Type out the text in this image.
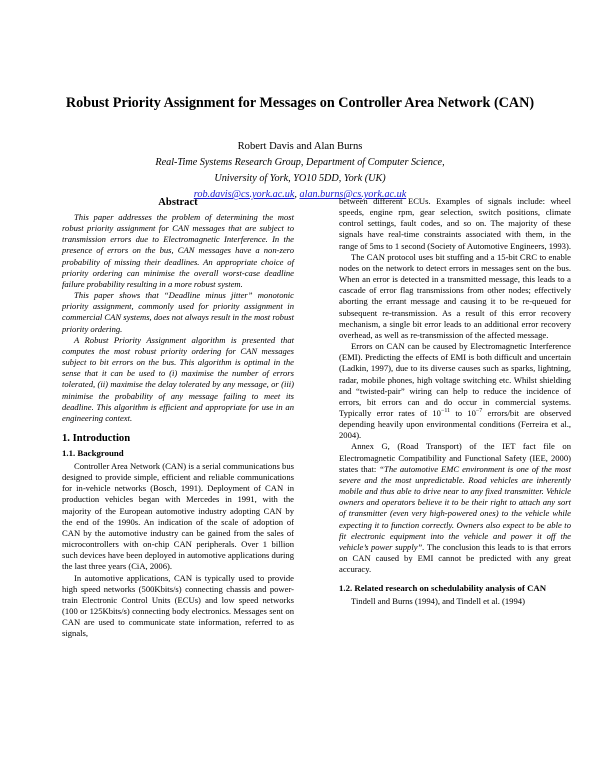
Robust Priority Assignment for Messages on Controller Area Network (CAN)
Robert Davis and Alan Burns
Real-Time Systems Research Group, Department of Computer Science,
University of York, YO10 5DD, York (UK)
rob.davis@cs.york.ac.uk, alan.burns@cs.york.ac.uk
Abstract

This paper addresses the problem of determining the most robust priority assignment for CAN messages that are subject to transmission errors due to Electromagnetic Interference. In the presence of errors on the bus, CAN messages have a non-zero probability of missing their deadlines. An appropriate choice of priority ordering can minimise the overall worst-case deadline failure probability resulting in a more robust system.

This paper shows that “Deadline minus jitter” monotonic priority assignment, commonly used for priority assignment in commercial CAN systems, does not always result in the most robust priority ordering.

A Robust Priority Assignment algorithm is presented that computes the most robust priority ordering for CAN messages subject to bit errors on the bus. This algorithm is optimal in the sense that it can be used to (i) maximise the number of errors tolerated, (ii) maximise the delay tolerated by any message, or (iii) minimise the probability of any message failing to meet its deadline. This algorithm is efficient and appropriate for use in an engineering context.

1. Introduction
1.1. Background

Controller Area Network (CAN) is a serial communications bus designed to provide simple, efficient and reliable communications for in-vehicle networks (Bosch, 1991). Deployment of CAN in production vehicles began with Mercedes in 1991, with the majority of the European automotive industry adopting CAN by the end of the 1990s. An indication of the scale of adoption of CAN by the automotive industry can be gained from the sales of microcontrollers with on-chip CAN peripherals. Over 1 billion such devices have been deployed in automotive applications during the last three years (CiA, 2006).

In automotive applications, CAN is typically used to provide high speed networks (500Kbits/s) connecting chassis and power-train Electronic Control Units (ECUs) and low speed networks (100 or 125Kbits/s) connecting body electronics. Messages sent on CAN are used to communicate state information, referred to as signals,

between different ECUs. Examples of signals include: wheel speeds, engine rpm, gear selection, switch positions, climate control settings, fault codes, and so on. The majority of these signals have real-time constraints associated with them, in the range of 5ms to 1 second (Society of Automotive Engineers, 1993).

The CAN protocol uses bit stuffing and a 15-bit CRC to enable nodes on the network to detect errors in messages sent on the bus. When an error is detected in a transmitted message, this leads to a cascade of error flag transmissions from other nodes; effectively aborting the errant message and causing it to be re-queued for subsequent re-transmission. As a result of this error recovery mechanism, a single bit error leads to an additional error recovery overhead, as well as re-transmission of the affected message.

Errors on CAN can be caused by Electromagnetic Interference (EMI). Predicting the effects of EMI is both difficult and uncertain (Ladkin, 1997), due to its diverse causes such as sparks, lightning, radar, mobile phones, high voltage switching etc. Whilst shielding and “twisted-pair” wiring can help to reduce the incidence of errors, bit errors can and do occur in commercial systems. Typically error rates of $10^{-11}$ to $10^{-7}$ errors/bit are observed depending heavily upon environmental conditions (Ferreira et al., 2004).

Annex G, (Road Transport) of the IET fact file on Electromagnetic Compatibility and Functional Safety (IEE, 2000) states that: “The automotive EMC environment is one of the most severe and the most unpredictable. Road vehicles are inherently mobile and thus able to drive near to any fixed transmitter. Vehicle owners and operators believe it to be their right to attach any sort of transmitter (even very high-powered ones) to the vehicle while expecting it to function correctly. Owners also expect to be able to fit electronic equipment into the vehicle and power it off the vehicle’s power supply”. The conclusion this leads to is that errors on CAN caused by EMI cannot be predicted with any great accuracy.

1.2. Related research on schedulability analysis of CAN

Tindell and Burns (1994), and Tindell et al. (1994)
